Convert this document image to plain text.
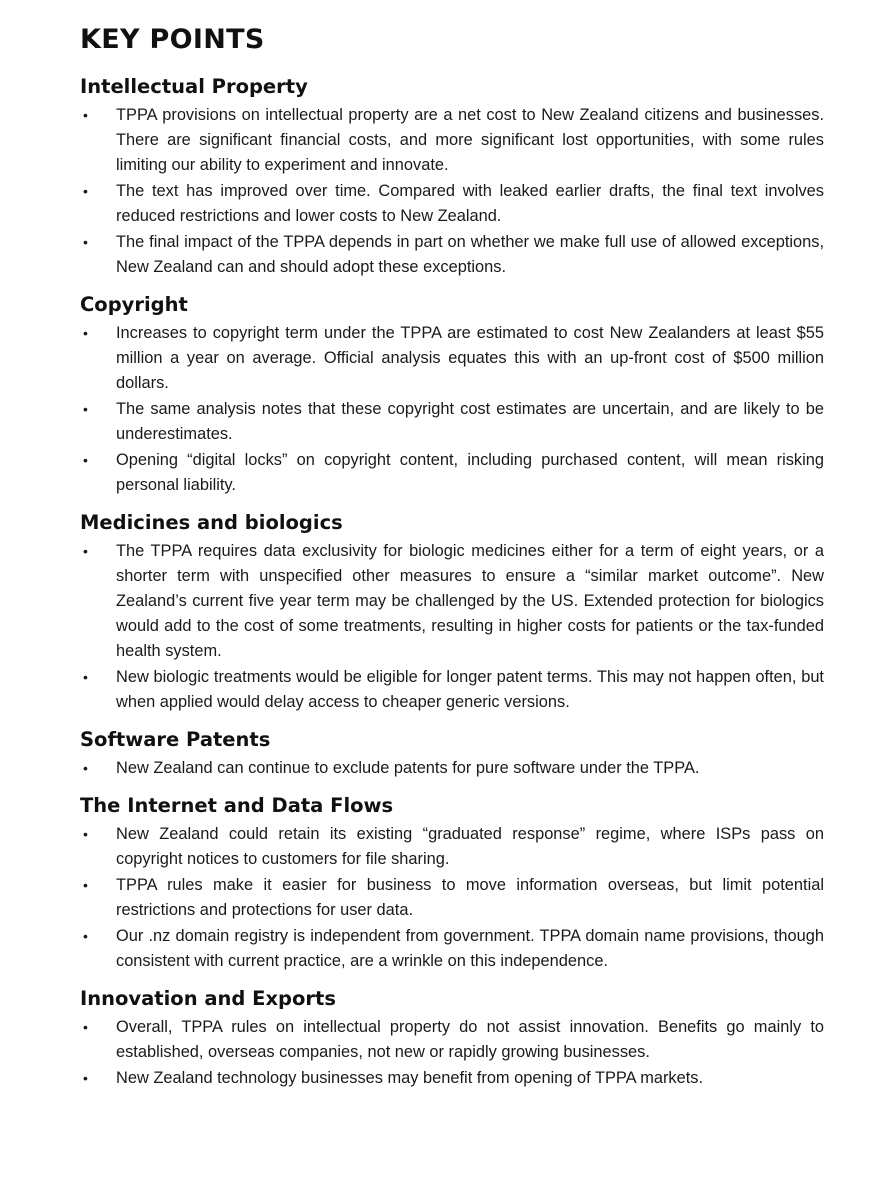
KEY POINTS
Intellectual Property
• TPPA provisions on intellectual property are a net cost to New Zealand citizens and businesses. There are significant financial costs, and more significant lost opportunities, with some rules limiting our ability to experiment and innovate.
• The text has improved over time. Compared with leaked earlier drafts, the final text involves reduced restrictions and lower costs to New Zealand.
• The final impact of the TPPA depends in part on whether we make full use of allowed exceptions, New Zealand can and should adopt these exceptions.
Copyright
• Increases to copyright term under the TPPA are estimated to cost New Zealanders at least $55 million a year on average. Official analysis equates this with an up-front cost of $500 million dollars.
• The same analysis notes that these copyright cost estimates are uncertain, and are likely to be underestimates.
• Opening “digital locks” on copyright content, including purchased content, will mean risking personal liability.
Medicines and biologics
• The TPPA requires data exclusivity for biologic medicines either for a term of eight years, or a shorter term with unspecified other measures to ensure a “similar market outcome”. New Zealand’s current five year term may be challenged by the US. Extended protection for biologics would add to the cost of some treatments, resulting in higher costs for patients or the tax-funded health system.
• New biologic treatments would be eligible for longer patent terms. This may not happen often, but when applied would delay access to cheaper generic versions.
Software Patents
• New Zealand can continue to exclude patents for pure software under the TPPA.
The Internet and Data Flows
• New Zealand could retain its existing “graduated response” regime, where ISPs pass on copyright notices to customers for file sharing.
• TPPA rules make it easier for business to move information overseas, but limit potential restrictions and protections for user data.
• Our .nz domain registry is independent from government. TPPA domain name provisions, though consistent with current practice, are a wrinkle on this independence.
Innovation and Exports
• Overall, TPPA rules on intellectual property do not assist innovation. Benefits go mainly to established, overseas companies, not new or rapidly growing businesses.
• New Zealand technology businesses may benefit from opening of TPPA markets.
